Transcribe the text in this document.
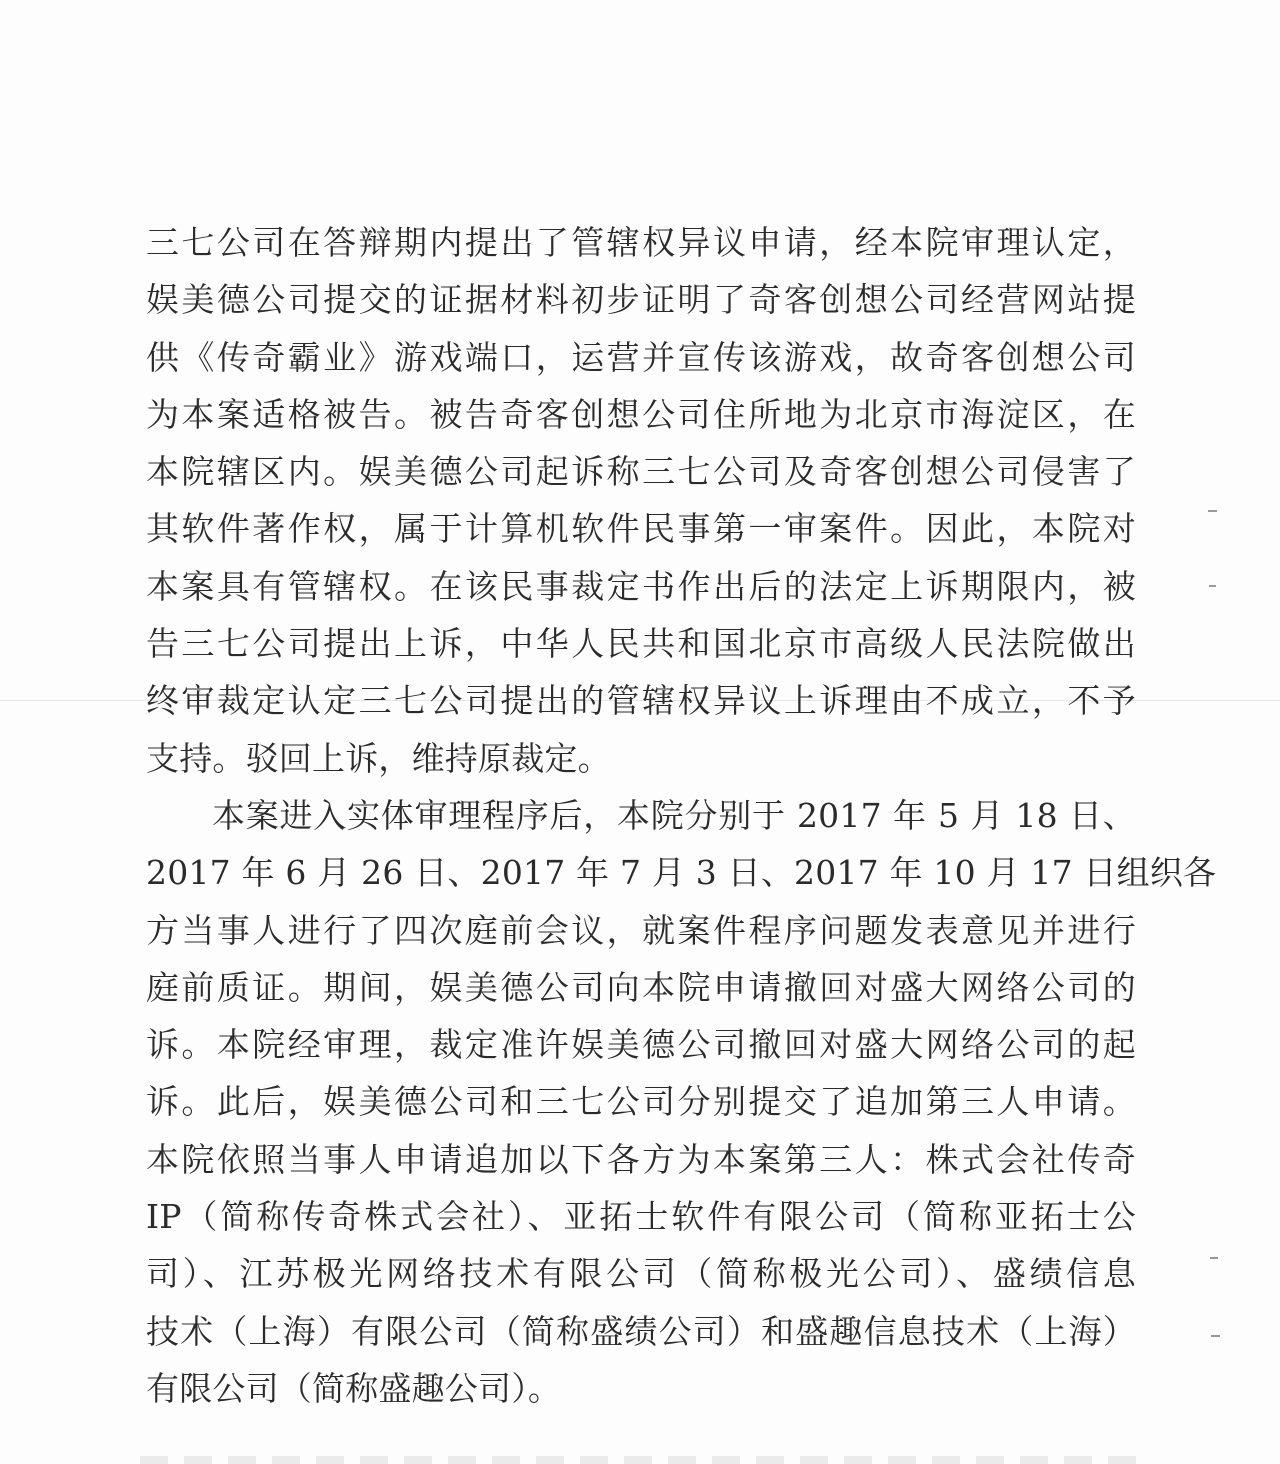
三七公司在答辩期内提出了管辖权异议申请，经本院审理认定，
娱美德公司提交的证据材料初步证明了奇客创想公司经营网站提
供《传奇霸业》游戏端口，运营并宣传该游戏，故奇客创想公司
为本案适格被告。被告奇客创想公司住所地为北京市海淀区，在
本院辖区内。娱美德公司起诉称三七公司及奇客创想公司侵害了
其软件著作权，属于计算机软件民事第一审案件。因此，本院对
本案具有管辖权。在该民事裁定书作出后的法定上诉期限内，被
告三七公司提出上诉，中华人民共和国北京市高级人民法院做出
终审裁定认定三七公司提出的管辖权异议上诉理由不成立，不予
支持。驳回上诉，维持原裁定。
本案进入实体审理程序后，本院分别于 2017 年 5 月 18 日、
2017 年 6 月 26 日、2017 年 7 月 3 日、2017 年 10 月 17 日组织各
方当事人进行了四次庭前会议，就案件程序问题发表意见并进行
庭前质证。期间，娱美德公司向本院申请撤回对盛大网络公司的
诉。本院经审理，裁定准许娱美德公司撤回对盛大网络公司的起
诉。此后，娱美德公司和三七公司分别提交了追加第三人申请。
本院依照当事人申请追加以下各方为本案第三人：株式会社传奇
IP（简称传奇株式会社）、亚拓士软件有限公司（简称亚拓士公
司）、江苏极光网络技术有限公司（简称极光公司）、盛绩信息
技术（上海）有限公司（简称盛绩公司）和盛趣信息技术（上海）
有限公司（简称盛趣公司）。
